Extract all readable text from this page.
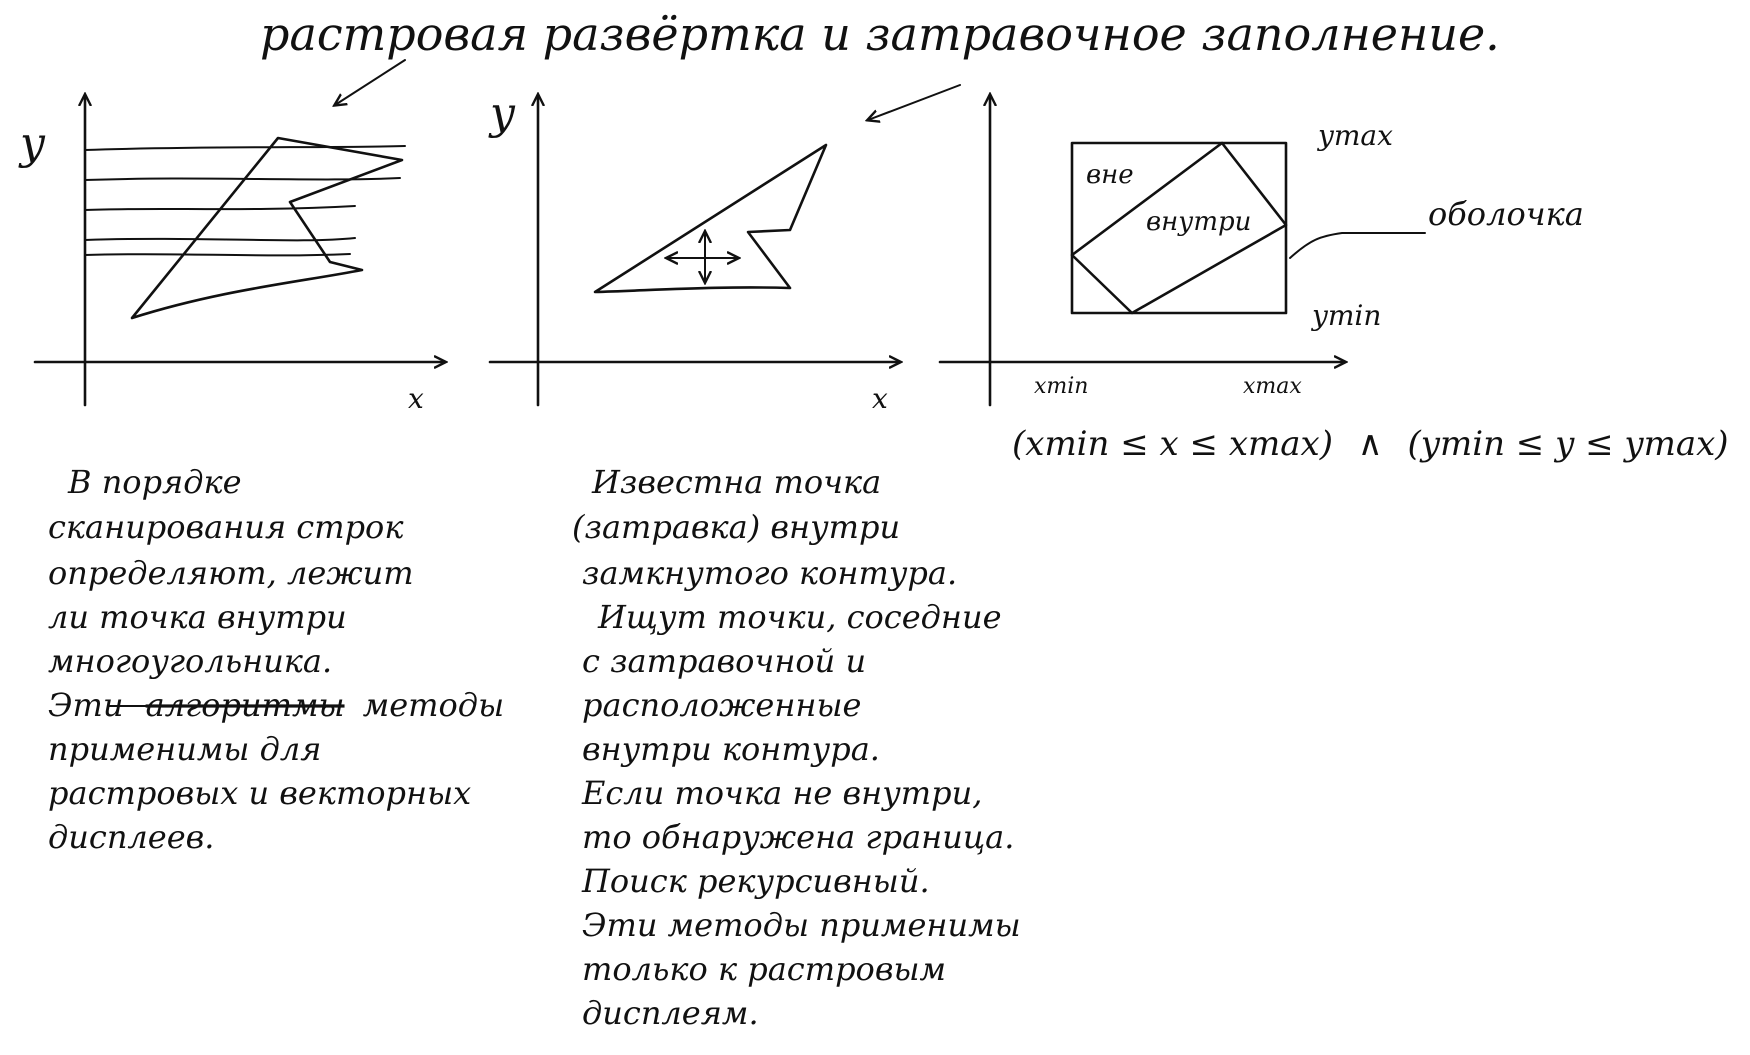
растровая развёртка и затравочное заполнение.
y
x
y
x
вне
внутри
ymax
ymin
xmin	xmax
оболочка
(xmin ≤ x ≤ xmax) ∧ (ymin ≤ y ≤ ymax)
В порядке
сканирования строк
определяют, лежит
ли точка внутри
многоугольника.
Эти алгоритмы методы
применимы для
растровых и векторных
дисплеев.
Известна точка
(затравка) внутри
замкнутого контура.
Ищут точки, соседние
с затравочной и
расположенные
внутри контура.
Если точка не внутри,
то обнаружена граница.
Поиск рекурсивный.
Эти методы применимы
только к растровым
дисплеям.
